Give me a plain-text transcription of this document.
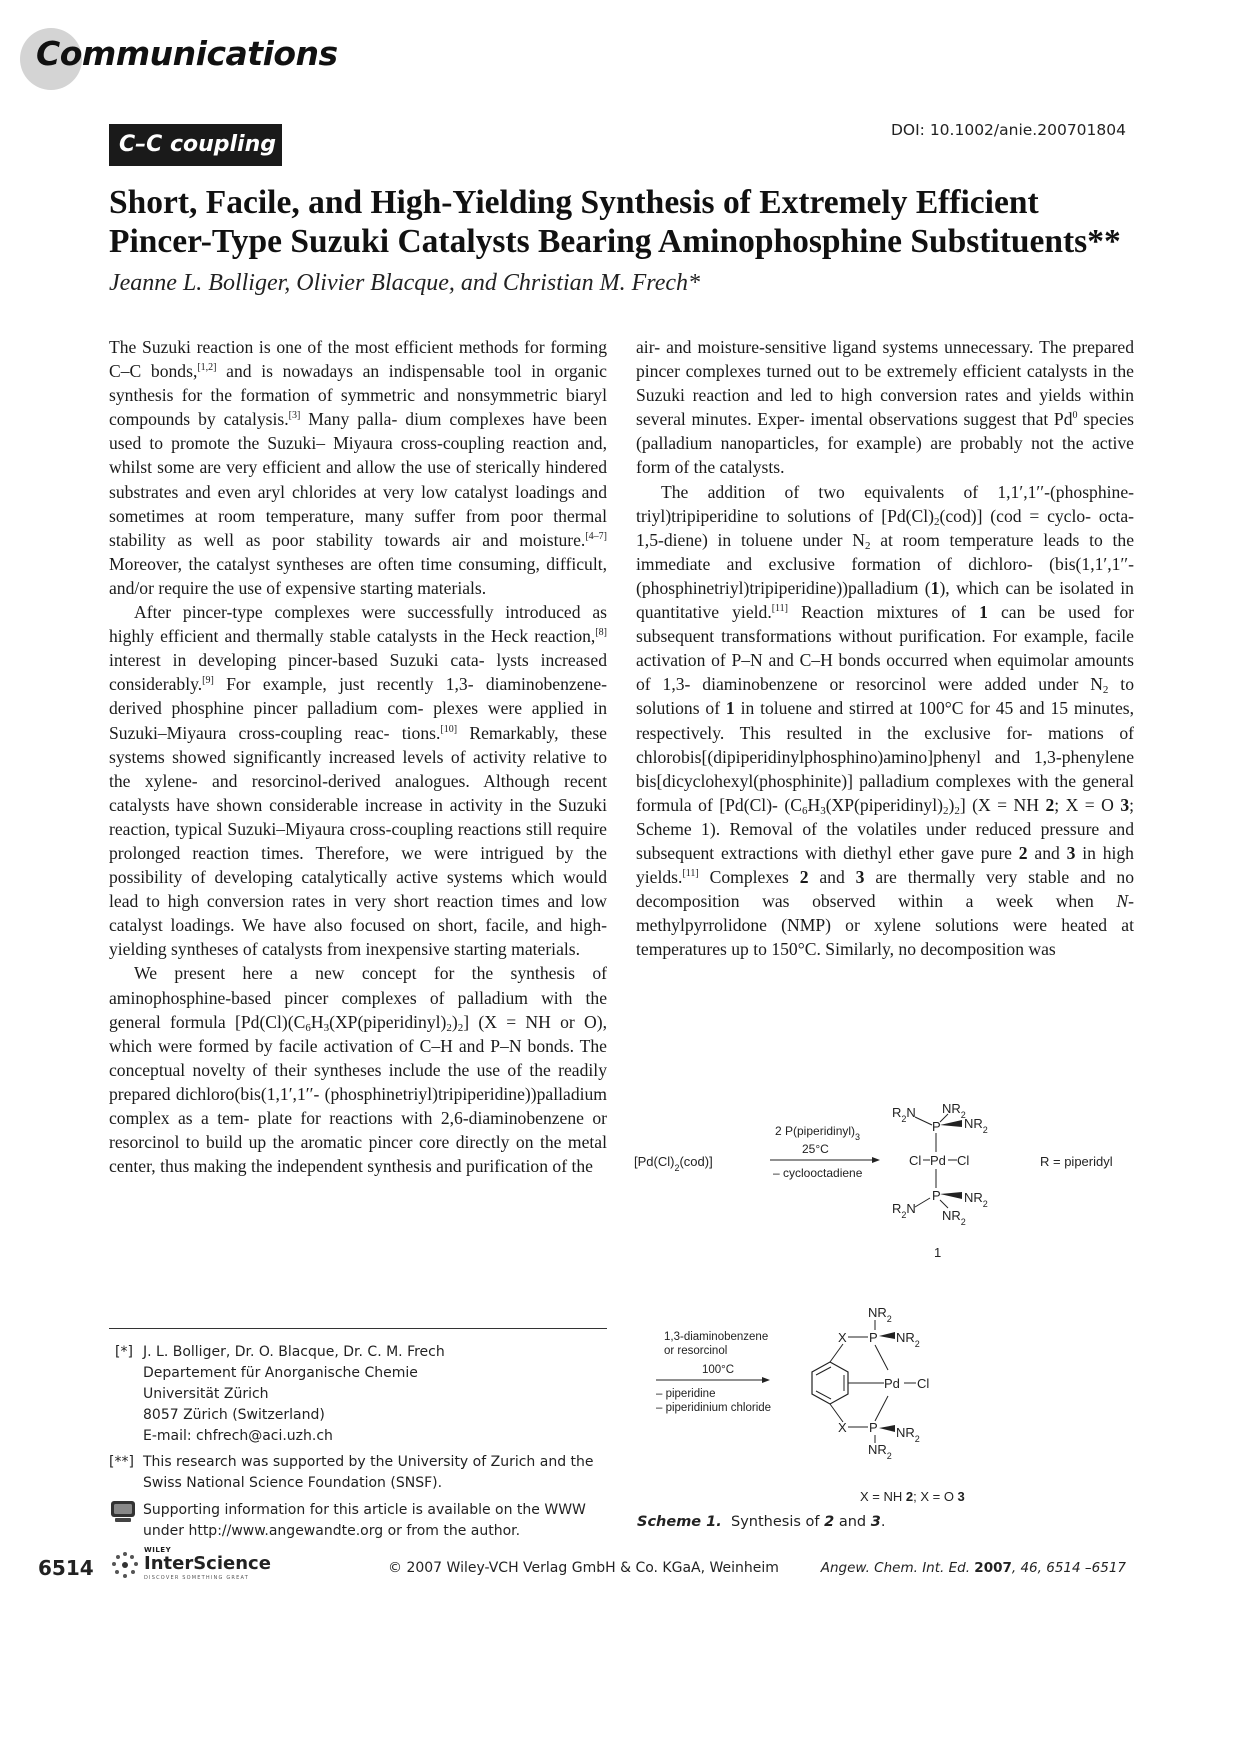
Communications
C–C coupling
DOI: 10.1002/anie.200701804
Short, Facile, and High-Yielding Synthesis of Extremely Efficient
Pincer-Type Suzuki Catalysts Bearing Aminophosphine Substituents**
Jeanne L. Bolliger, Olivier Blacque, and Christian M. Frech*

The Suzuki reaction is one of the most efficient methods for forming C–C bonds,[1,2] and is nowadays an indispensable tool in organic synthesis for the formation of symmetric and nonsymmetric biaryl compounds by catalysis.[3] Many palla- dium complexes have been used to promote the Suzuki– Miyaura cross-coupling reaction and, whilst some are very efficient and allow the use of sterically hindered substrates and even aryl chlorides at very low catalyst loadings and sometimes at room temperature, many suffer from poor thermal stability as well as poor stability towards air and moisture.[4–7] Moreover, the catalyst syntheses are often time consuming, difficult, and/or require the use of expensive starting materials.

After pincer-type complexes were successfully introduced as highly efficient and thermally stable catalysts in the Heck reaction,[8] interest in developing pincer-based Suzuki cata- lysts increased considerably.[9] For example, just recently 1,3- diaminobenzene-derived phosphine pincer palladium com- plexes were applied in Suzuki–Miyaura cross-coupling reac- tions.[10] Remarkably, these systems showed significantly increased levels of activity relative to the xylene- and resorcinol-derived analogues. Although recent catalysts have shown considerable increase in activity in the Suzuki reaction, typical Suzuki–Miyaura cross-coupling reactions still require prolonged reaction times. Therefore, we were intrigued by the possibility of developing catalytically active systems which would lead to high conversion rates in very short reaction times and low catalyst loadings. We have also focused on short, facile, and high-yielding syntheses of catalysts from inexpensive starting materials.

We present here a new concept for the synthesis of aminophosphine-based pincer complexes of palladium with the general formula [$Pd(Cl)(C_6H_3(XP(piperidinyl)_2)_2] (X$ = NH or O), which were formed by facile activation of C–H and P–N bonds. The conceptual novelty of their syntheses include the use of the readily prepared dichloro(bis(1,1′,1′′- (phosphinetriyl)tripiperidine))palladium complex as a tem- plate for reactions with 2,6-diaminobenzene or resorcinol to build up the aromatic pincer core directly on the metal center, thus making the independent synthesis and purification of the

air- and moisture-sensitive ligand systems unnecessary. The prepared pincer complexes turned out to be extremely efficient catalysts in the Suzuki reaction and led to high conversion rates and yields within several minutes. Exper- imental observations suggest that Pd$^0$ species (palladium nanoparticles, for example) are probably not the active form of the catalysts.

The addition of two equivalents of 1,1′,1′′-(phosphine- triyl)tripiperidine to solutions of $[Pd(Cl)_2(cod)] (cod$ = cyclo- octa-1,5-diene) in toluene under $N_2$ at room temperature leads to the immediate and exclusive formation of dichloro- (bis(1,1′,1′′-(phosphinetriyl)tripiperidine))palladium (1), which can be isolated in quantitative yield.[11] Reaction mixtures of 1 can be used for subsequent transformations without purification. For example, facile activation of P–N and C–H bonds occurred when equimolar amounts of 1,3- diaminobenzene or resorcinol were added under $N_2$ to solutions of 1 in toluene and stirred at 100°C for 45 and 15 minutes, respectively. This resulted in the exclusive for- mations of chlorobis[(dipiperidinylphosphino)amino]phenyl and 1,3-phenylene bis[dicyclohexyl(phosphinite)] palladium complexes with the general formula of [Pd(Cl)- $(C_6H_3(XP(piperidinyl)_2)_2]$ (X = NH 2; X = O 3; Scheme 1). Removal of the volatiles under reduced pressure and subsequent extractions with diethyl ether gave pure 2 and 3 in high yields.[11] Complexes 2 and 3 are thermally very stable and no decomposition was observed within a week when N- methylpyrrolidone (NMP) or xylene solutions were heated at temperatures up to 150°C. Similarly, no decomposition was

$[Pd(Cl)_2(cod)]$
2 $P(piperidinyl)_3$
25°C
– cyclooctadiene
$R_2N$ $NR_2$
$NR_2$
P
Cl Pd Cl
P $NR_2$
$NR_2$
$R_2N$
1
R = piperidyl
1,3-diaminobenzene
or resorcinol
100°C
– piperidine
– piperidinium chloride
$NR_2$
P $NR_2$
X
Pd Cl
X P $NR_2$
$NR_2$
X = NH 2; X = O 3
Scheme 1. Synthesis of 2 and 3.
[*] J. L. Bolliger, Dr. O. Blacque, Dr. C. M. Frech
Departement für Anorganische Chemie
Universität Zürich
8057 Zürich (Switzerland)
E-mail: chfrech@aci.uzh.ch
[**] This research was supported by the University of Zurich and the
Swiss National Science Foundation (SNSF).
Supporting information for this article is available on the WWW
under http://www.angewandte.org or from the author.
6514
WILEY
InterScience
DISCOVER SOMETHING GREAT
© 2007 Wiley-VCH Verlag GmbH & Co. KGaA, Weinheim	Angew. Chem. Int. Ed. 2007, 46, 6514 –6517
